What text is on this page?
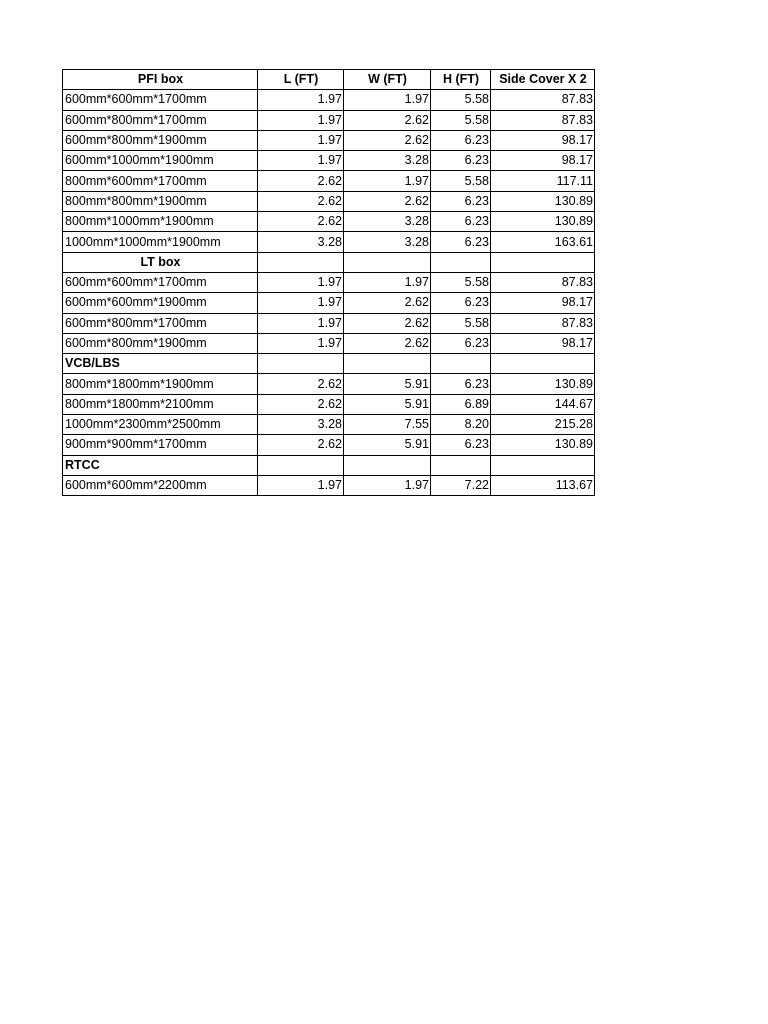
PFI box	L (FT)	W (FT)	H (FT)	Side Cover X 2
600mm*600mm*1700mm	1.97	1.97	5.58	87.83
600mm*800mm*1700mm	1.97	2.62	5.58	87.83
600mm*800mm*1900mm	1.97	2.62	6.23	98.17
600mm*1000mm*1900mm	1.97	3.28	6.23	98.17
800mm*600mm*1700mm	2.62	1.97	5.58	117.11
800mm*800mm*1900mm	2.62	2.62	6.23	130.89
800mm*1000mm*1900mm	2.62	3.28	6.23	130.89
1000mm*1000mm*1900mm	3.28	3.28	6.23	163.61
LT box				
600mm*600mm*1700mm	1.97	1.97	5.58	87.83
600mm*600mm*1900mm	1.97	2.62	6.23	98.17
600mm*800mm*1700mm	1.97	2.62	5.58	87.83
600mm*800mm*1900mm	1.97	2.62	6.23	98.17
VCB/LBS				
800mm*1800mm*1900mm	2.62	5.91	6.23	130.89
800mm*1800mm*2100mm	2.62	5.91	6.89	144.67
1000mm*2300mm*2500mm	3.28	7.55	8.20	215.28
900mm*900mm*1700mm	2.62	5.91	6.23	130.89
RTCC				
600mm*600mm*2200mm	1.97	1.97	7.22	113.67
